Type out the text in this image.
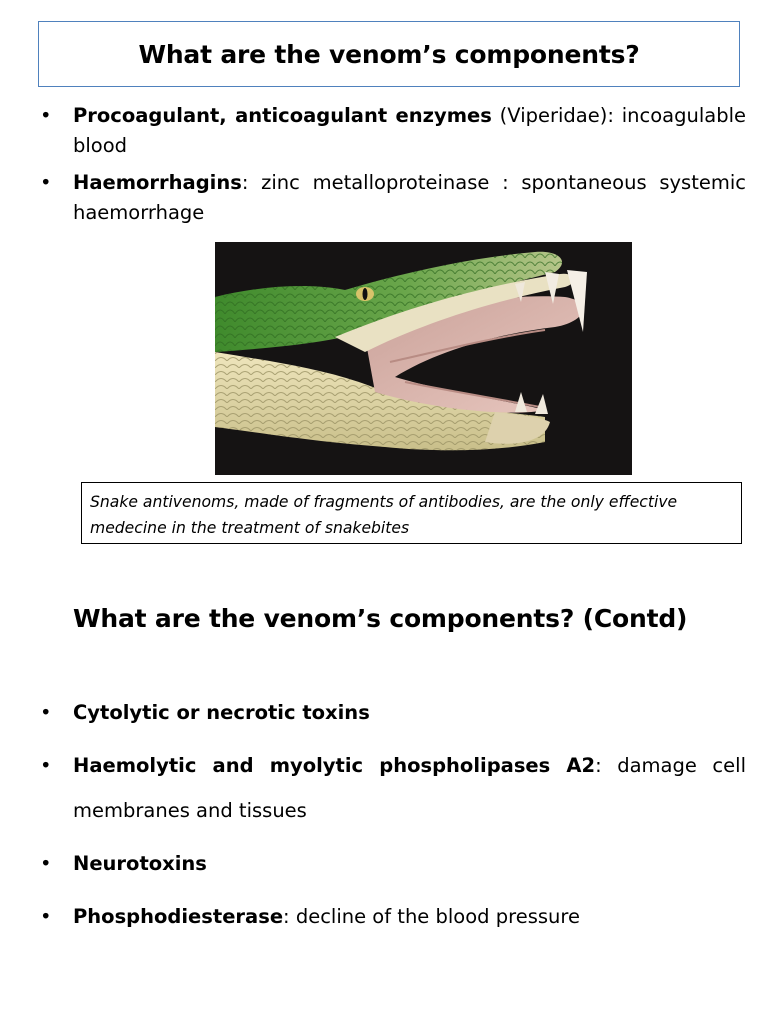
What are the venom’s components?
•	Procoagulant, anticoagulant enzymes (Viperidae): incoagulable blood
•	Haemorrhagins: zinc metalloproteinase : spontaneous systemic haemorrhage
Snake antivenoms, made of fragments of antibodies, are the only effective medecine in the treatment of snakebites
What are the venom’s components? (Contd)
•	Cytolytic or necrotic toxins
•	Haemolytic and myolytic phospholipases A2: damage cell membranes and tissues
•	Neurotoxins
•	Phosphodiesterase: decline of the blood pressure
